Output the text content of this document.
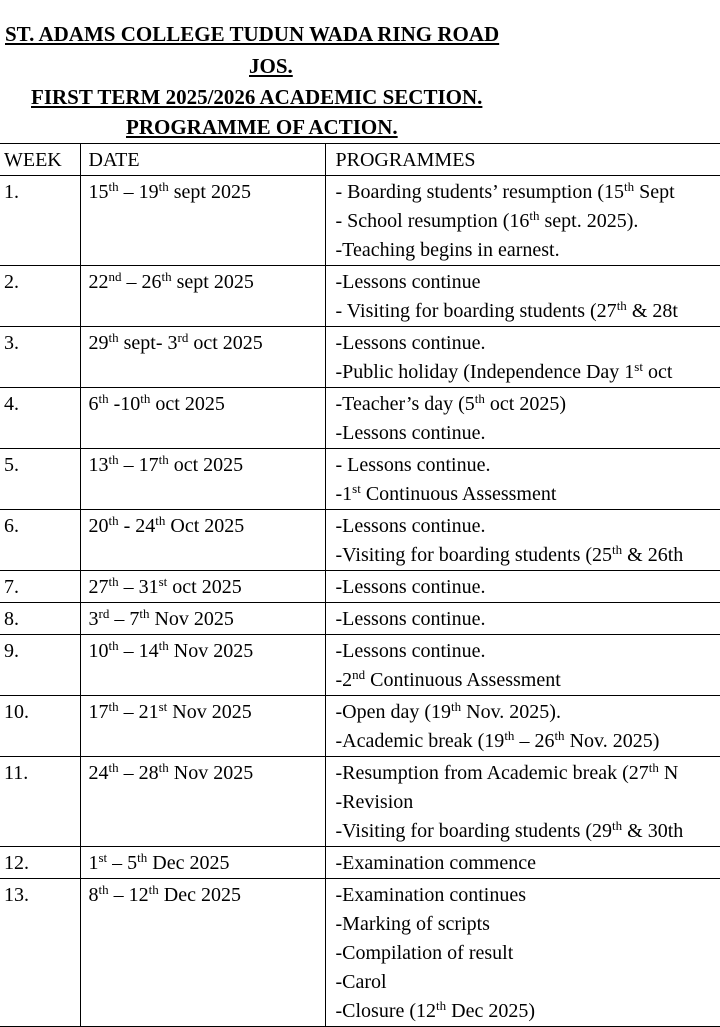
ST. ADAMS COLLEGE TUDUN WADA RING ROAD
JOS.
FIRST TERM 2025/2026 ACADEMIC SECTION.
PROGRAMME OF ACTION.
WEEK	DATE	PROGRAMMES
1.	15th – 19th sept 2025	- Boarding students’ resumption (15th Sept
- School resumption (16th sept. 2025).
-Teaching begins in earnest.

2.	22nd – 26th sept 2025	-Lessons continue
- Visiting for boarding students (27th & 28t

3.	29th sept- 3rd oct 2025	-Lessons continue.
-Public holiday (Independence Day 1st oct

4.	6th -10th oct 2025	-Teacher’s day (5th oct 2025)
-Lessons continue.

5.	13th – 17th oct 2025	- Lessons continue.
-1st Continuous Assessment

6.	20th - 24th Oct 2025	-Lessons continue.
-Visiting for boarding students (25th & 26th

7.	27th – 31st oct 2025	-Lessons continue.

8.	3rd – 7th Nov 2025	-Lessons continue.

9.	10th – 14th Nov 2025	-Lessons continue.
-2nd Continuous Assessment

10.	17th – 21st Nov 2025	-Open day (19th Nov. 2025).
-Academic break (19th – 26th Nov. 2025)

11.	24th – 28th Nov 2025	-Resumption from Academic break (27th N
-Revision
-Visiting for boarding students (29th & 30th

12.	1st – 5th Dec 2025	-Examination commence

13.	8th – 12th Dec 2025	-Examination continues
-Marking of scripts
-Compilation of result
-Carol
-Closure (12th Dec 2025)
